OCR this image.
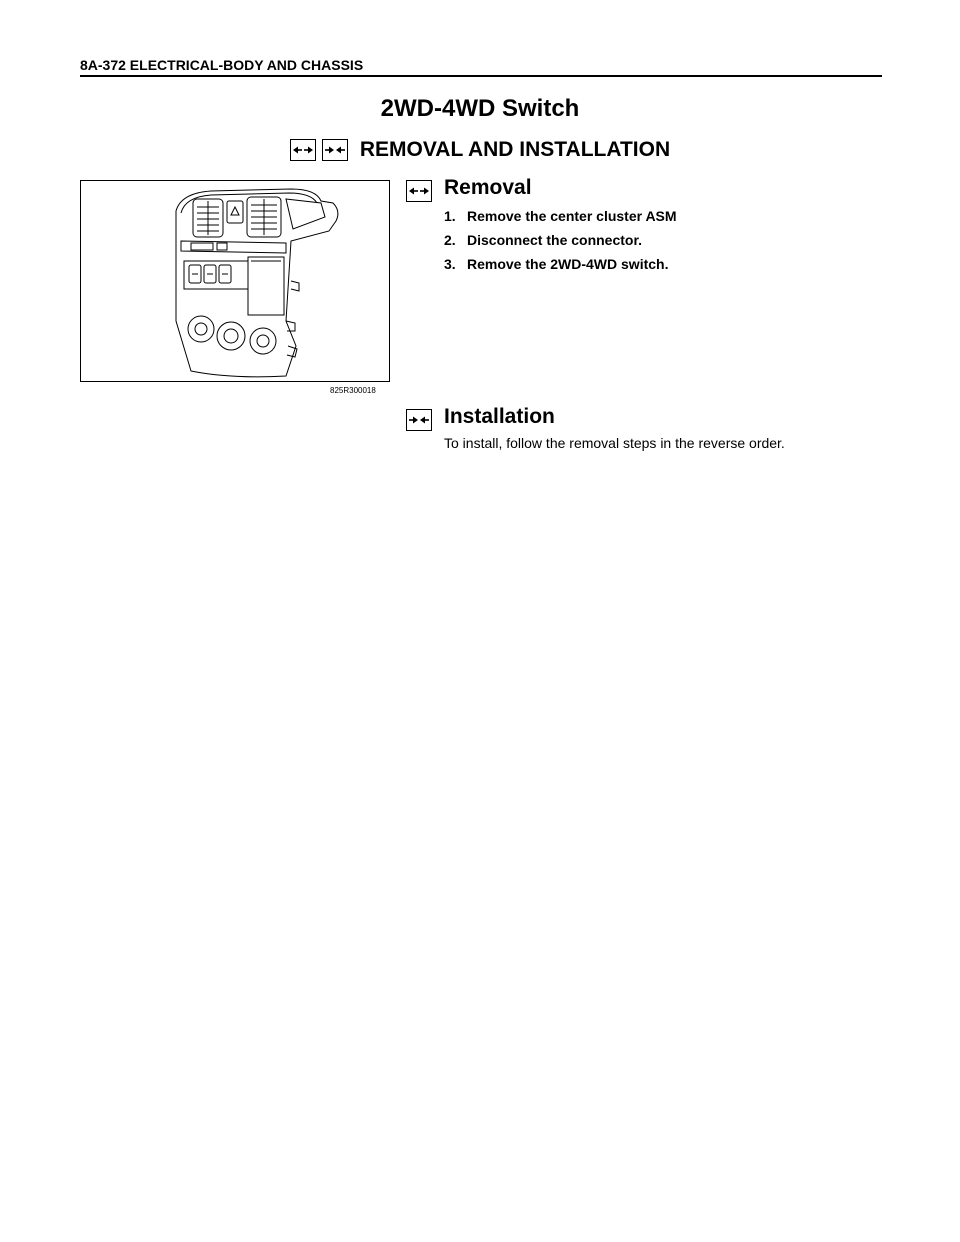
8A-372 ELECTRICAL-BODY AND CHASSIS
2WD-4WD Switch
REMOVAL AND INSTALLATION
825R300018
Removal
1. Remove the center cluster ASM
2. Disconnect the connector.
3. Remove the 2WD-4WD switch.
Installation
To install, follow the removal steps in the reverse order.
